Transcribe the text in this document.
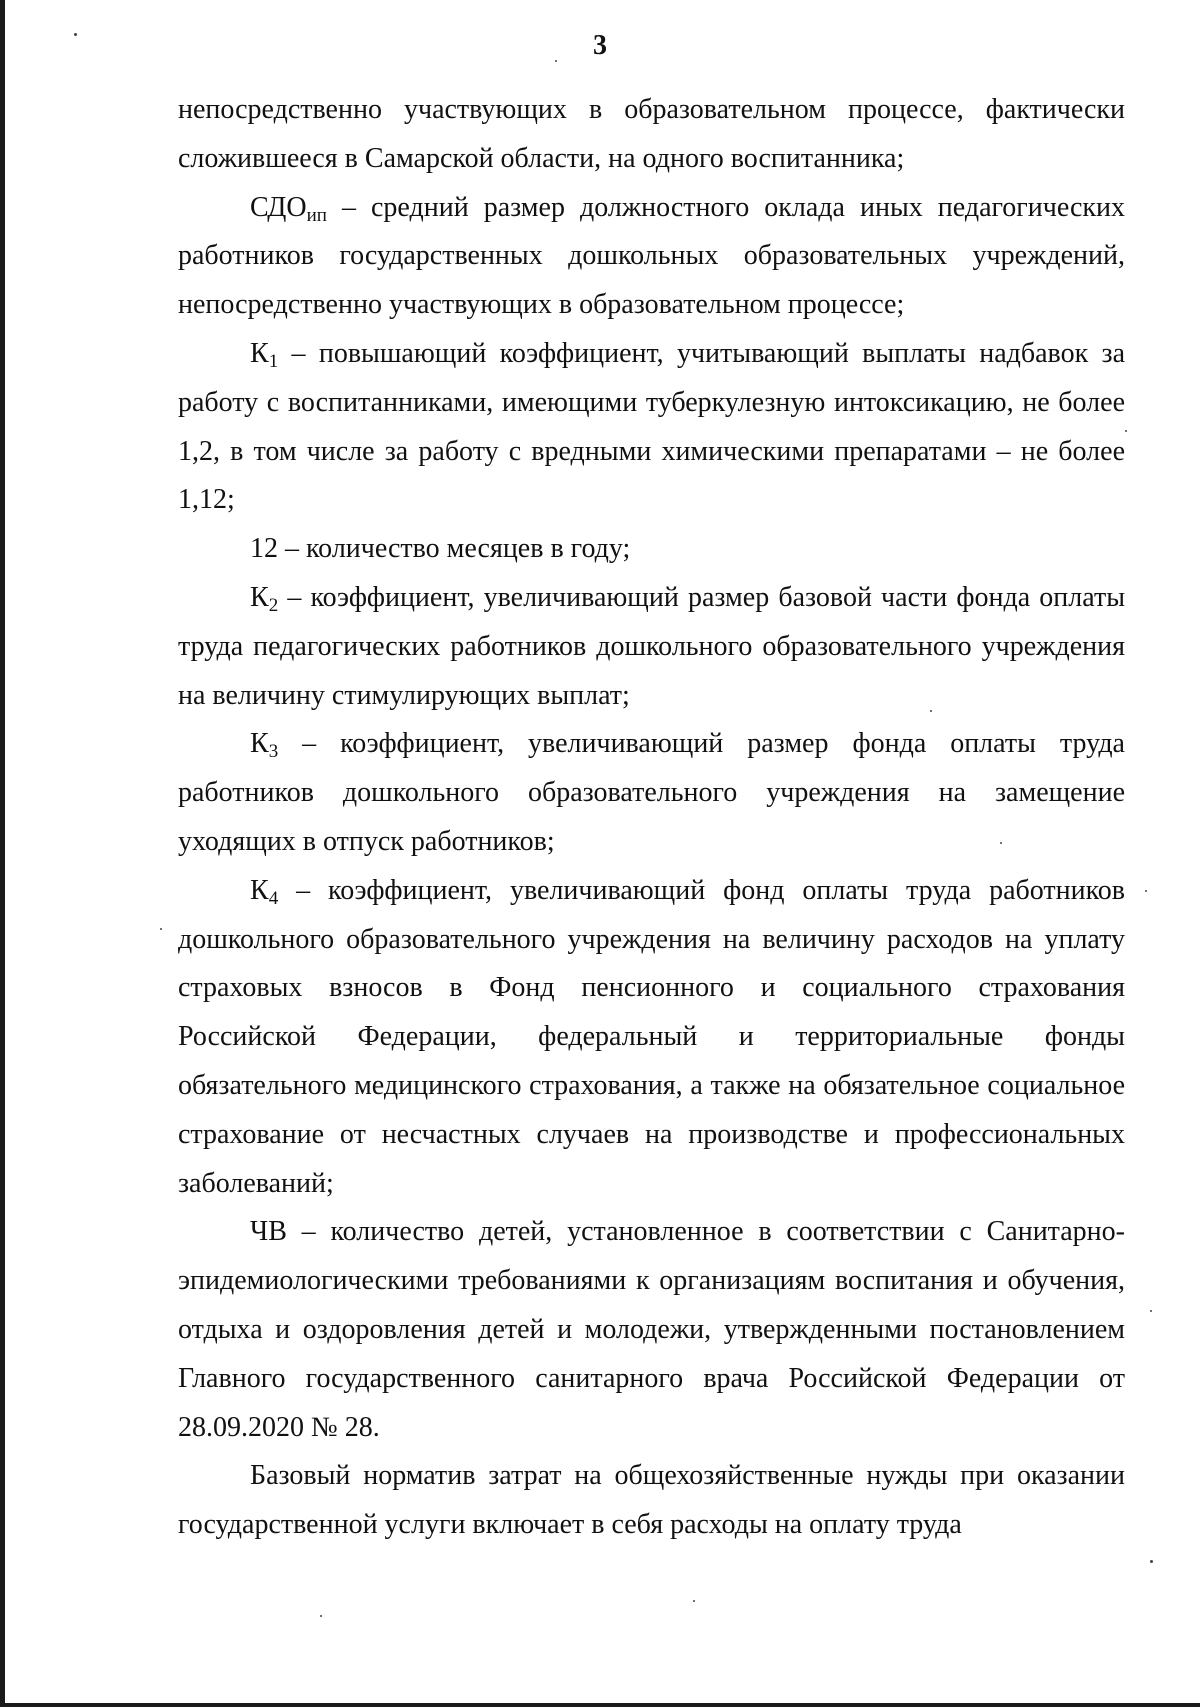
3

непосредственно участвующих в образовательном процессе, фактически сложившееся в Самарской области, на одного воспитанника;

$СДО_{ип}$ – средний размер должностного оклада иных педагогических работников государственных дошкольных образовательных учреждений, непосредственно участвующих в образовательном процессе;

$К_1$ – повышающий коэффициент, учитывающий выплаты надбавок за работу с воспитанниками, имеющими туберкулезную интоксикацию, не более 1,2, в том числе за работу с вредными химическими препаратами – не более 1,12;

12 – количество месяцев в году;

$К_2$ – коэффициент, увеличивающий размер базовой части фонда оплаты труда педагогических работников дошкольного образовательного учреждения на величину стимулирующих выплат;

$К_3$ – коэффициент, увеличивающий размер фонда оплаты труда работников дошкольного образовательного учреждения на замещение уходящих в отпуск работников;

$К_4$ – коэффициент, увеличивающий фонд оплаты труда работников дошкольного образовательного учреждения на величину расходов на уплату страховых взносов в Фонд пенсионного и социального страхования Российской Федерации, федеральный и территориальные фонды обязательного медицинского страхования, а также на обязательное социальное страхование от несчастных случаев на производстве и профессиональных заболеваний;

ЧВ – количество детей, установленное в соответствии с Санитарно-эпидемиологическими требованиями к организациям воспитания и обучения, отдыха и оздоровления детей и молодежи, утвержденными постановлением Главного государственного санитарного врача Российской Федерации от 28.09.2020 № 28.

Базовый норматив затрат на общехозяйственные нужды при оказании государственной услуги включает в себя расходы на оплату труда
